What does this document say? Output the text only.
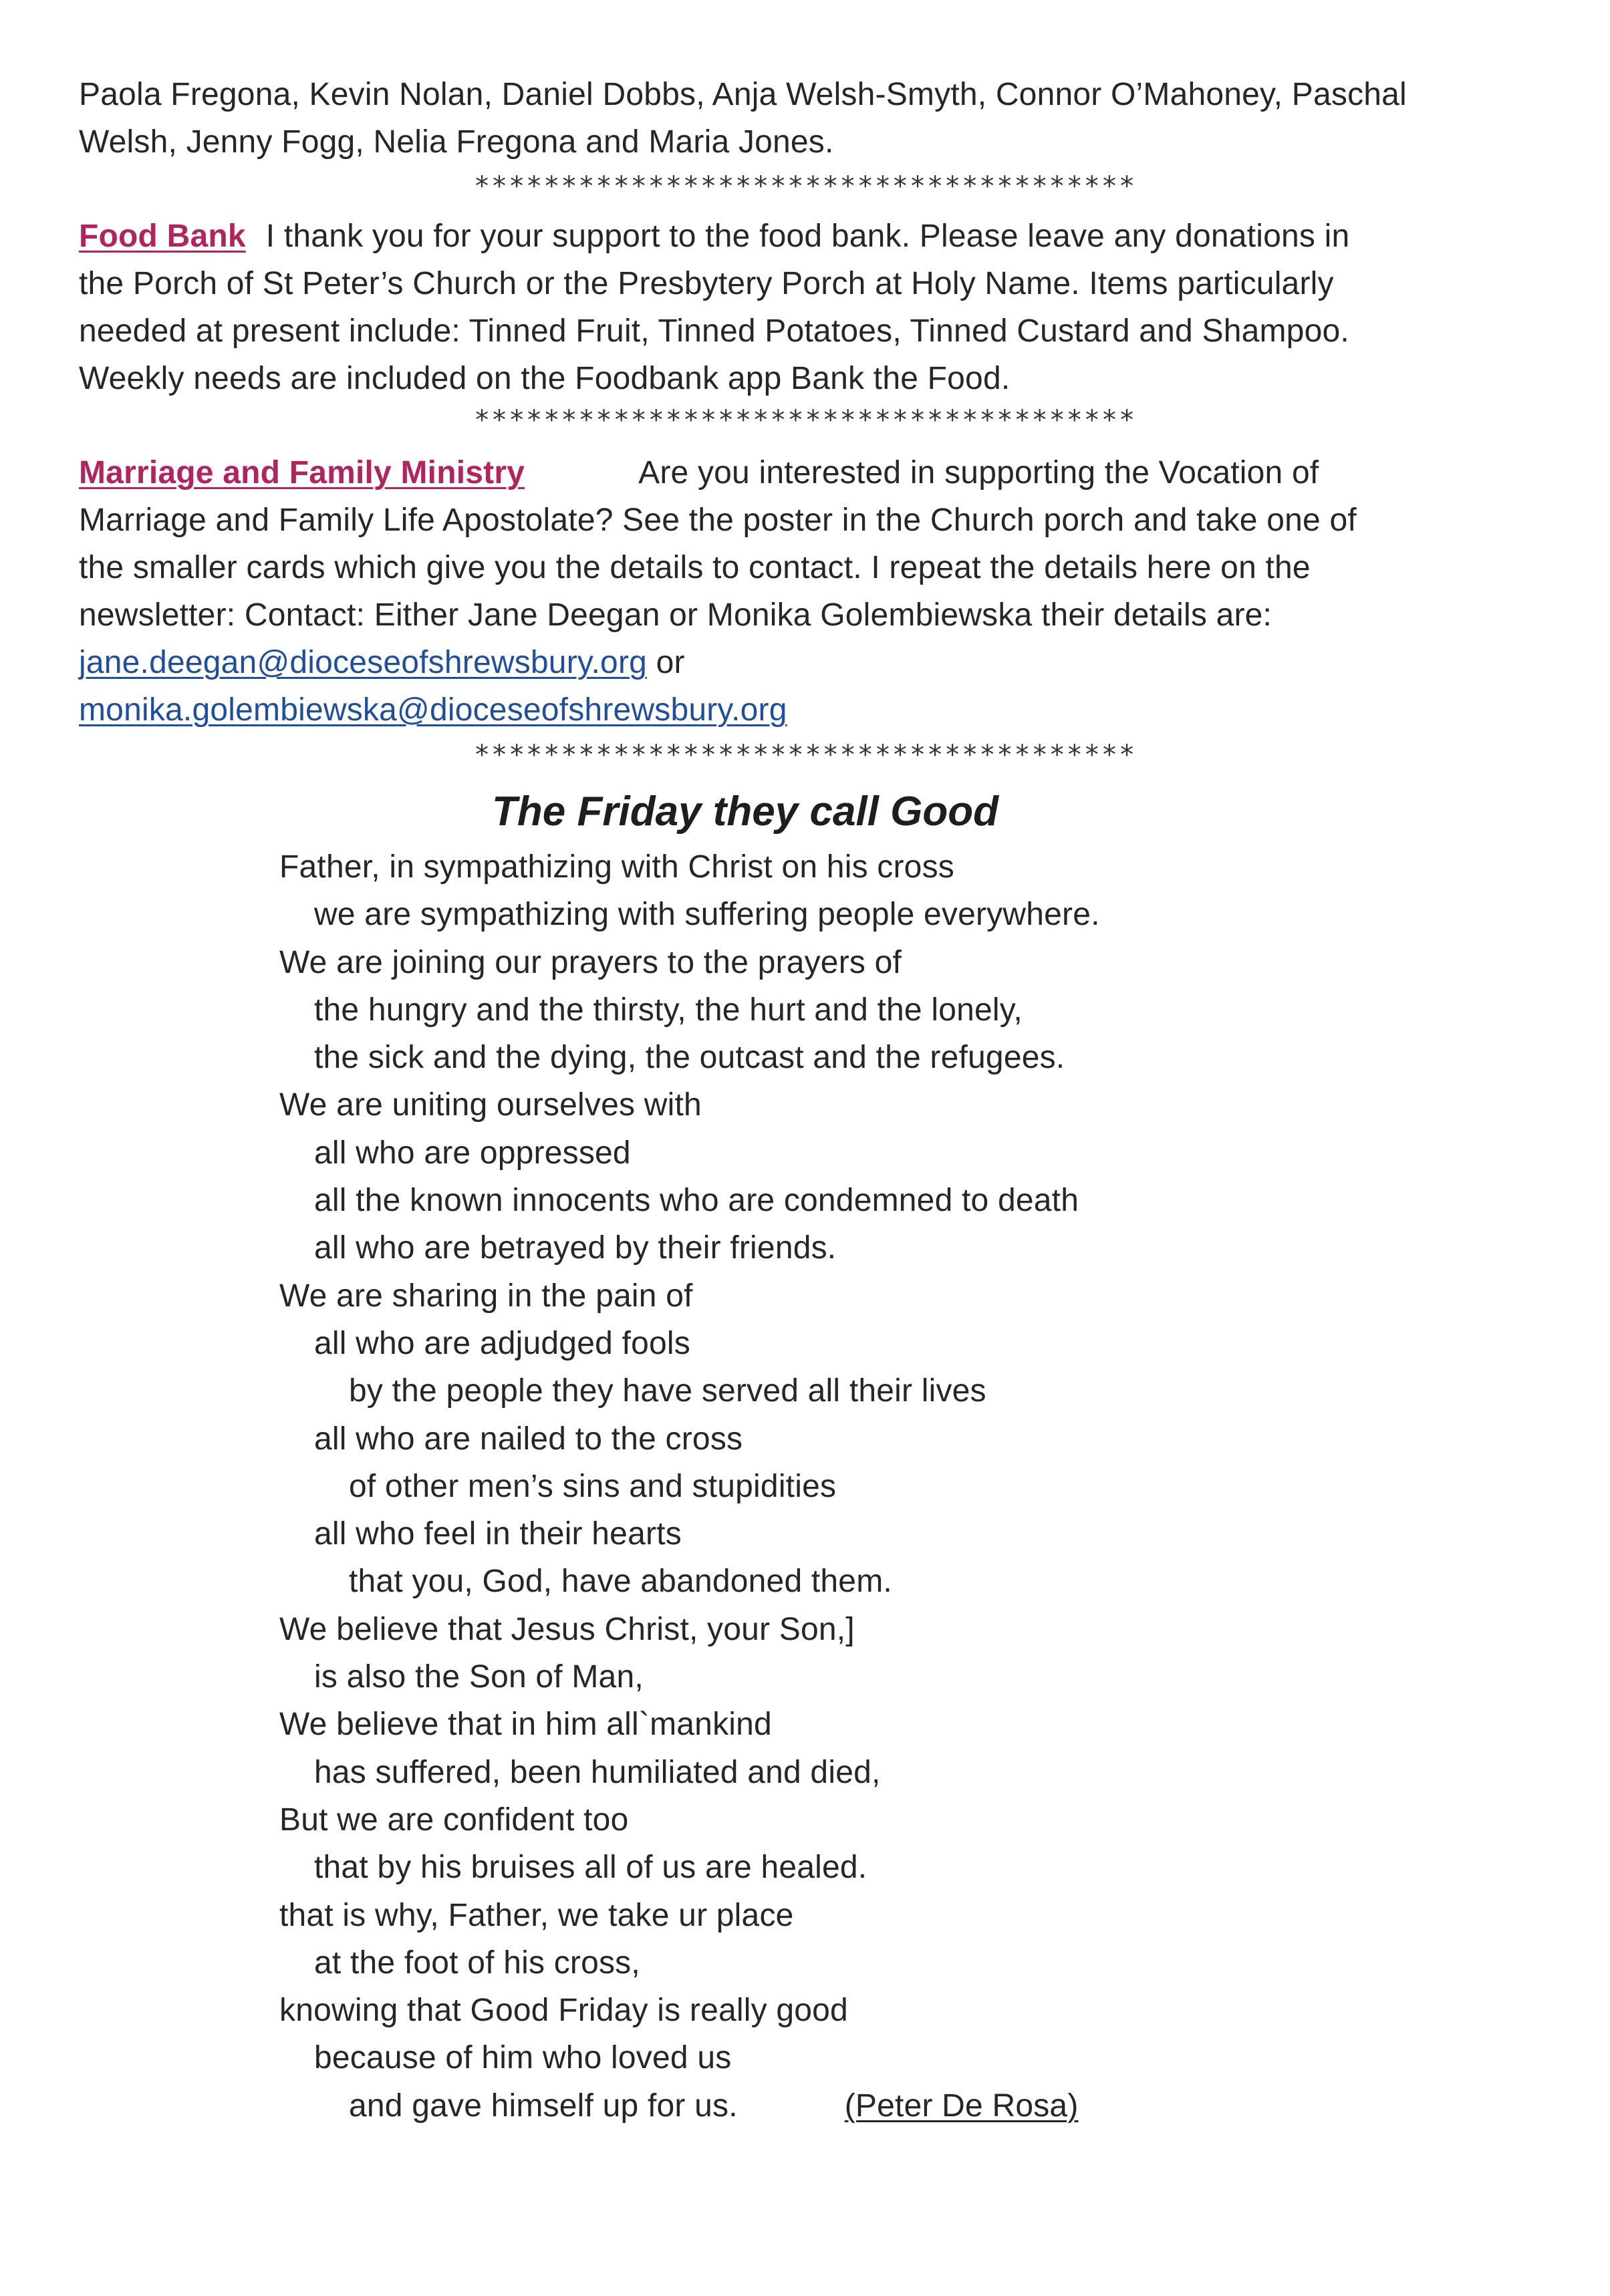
Paola Fregona, Kevin Nolan, Daniel Dobbs, Anja Welsh-Smyth, Connor O’Mahoney, Paschal
Welsh, Jenny Fogg, Nelia Fregona and Maria Jones.
**************************************
Food Bank I thank you for your support to the food bank. Please leave any donations in
the Porch of St Peter’s Church or the Presbytery Porch at Holy Name. Items particularly
needed at present include: Tinned Fruit, Tinned Potatoes, Tinned Custard and Shampoo.
Weekly needs are included on the Foodbank app Bank the Food.
**************************************
Marriage and Family Ministry	Are you interested in supporting the Vocation of
Marriage and Family Life Apostolate? See the poster in the Church porch and take one of
the smaller cards which give you the details to contact. I repeat the details here on the
newsletter: Contact: Either Jane Deegan or Monika Golembiewska their details are:
jane.deegan@dioceseofshrewsbury.org or
monika.golembiewska@dioceseofshrewsbury.org
**************************************
The Friday they call Good
Father, in sympathizing with Christ on his cross
we are sympathizing with suffering people everywhere.
We are joining our prayers to the prayers of
the hungry and the thirsty, the hurt and the lonely,
the sick and the dying, the outcast and the refugees.
We are uniting ourselves with
all who are oppressed
all the known innocents who are condemned to death
all who are betrayed by their friends.
We are sharing in the pain of
all who are adjudged fools
by the people they have served all their lives
all who are nailed to the cross
of other men’s sins and stupidities
all who feel in their hearts
that you, God, have abandoned them.
We believe that Jesus Christ, your Son,]
is also the Son of Man,
We believe that in him all`mankind
has suffered, been humiliated and died,
But we are confident too
that by his bruises all of us are healed.
that is why, Father, we take ur place
at the foot of his cross,
knowing that Good Friday is really good
because of him who loved us
and gave himself up for us.	(Peter De Rosa)
